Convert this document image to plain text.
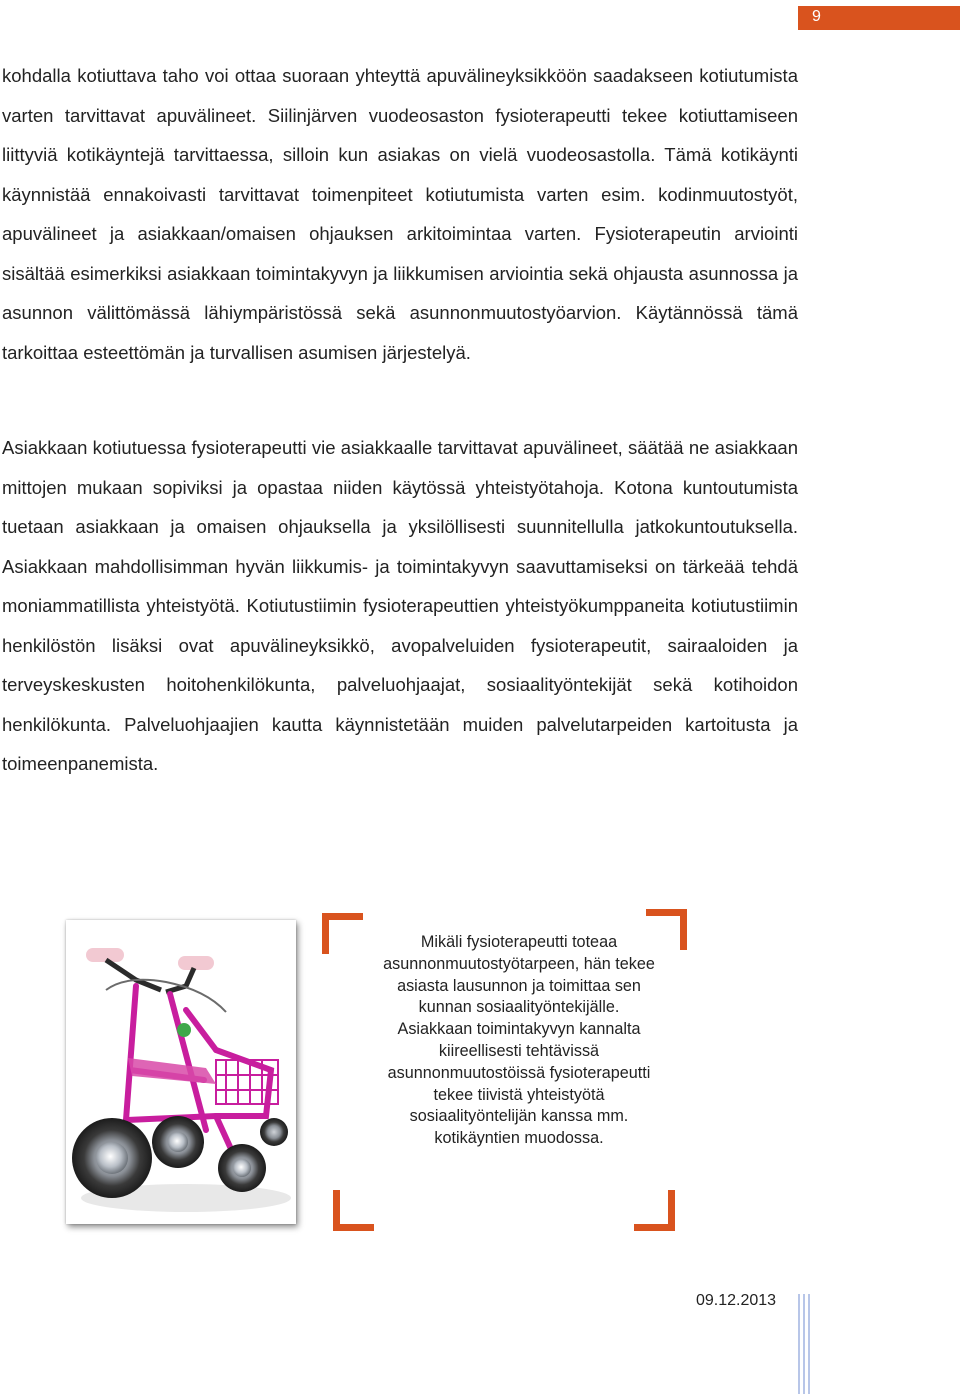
9

kohdalla kotiuttava taho voi ottaa suoraan yhteyttä apuvälineyksikköön saadakseen kotiutumista varten tarvittavat apuvälineet. Siilinjärven vuodeosaston fysioterapeutti tekee kotiuttamiseen liittyviä kotikäyntejä tarvittaessa, silloin kun asiakas on vielä vuodeosastolla. Tämä kotikäynti käynnistää ennakoivasti tarvittavat toimenpiteet kotiutumista varten esim. kodinmuutostyöt, apuvälineet ja asiakkaan/omaisen ohjauksen arkitoimintaa varten. Fysioterapeutin arviointi sisältää esimerkiksi asiakkaan toimintakyvyn ja liikkumisen arviointia sekä ohjausta asunnossa ja asunnon välittömässä lähiympäristössä sekä asunnonmuutostyöarvion. Käytännössä tämä tarkoittaa esteettömän ja turvallisen asumisen järjestelyä.

Asiakkaan kotiutuessa fysioterapeutti vie asiakkaalle tarvittavat apuvälineet, säätää ne asiakkaan mittojen mukaan sopiviksi ja opastaa niiden käytössä yhteistyötahoja. Kotona kuntoutumista tuetaan asiakkaan ja omaisen ohjauksella ja yksilöllisesti suunnitellulla jatkokuntoutuksella. Asiakkaan mahdollisimman hyvän liikkumis- ja toimintakyvyn saavuttamiseksi on tärkeää tehdä moniammatillista yhteistyötä. Kotiutustiimin fysioterapeuttien yhteistyökumppaneita kotiutustiimin henkilöstön lisäksi ovat apuvälineyksikkö, avopalveluiden fysioterapeutit, sairaaloiden ja terveyskeskusten hoitohenkilökunta, palveluohjaajat, sosiaalityöntekijät sekä kotihoidon henkilökunta. Palveluohjaajien kautta käynnistetään muiden palvelutarpeiden kartoitusta ja toimeenpanemista.

Mikäli fysioterapeutti toteaa asunnonmuutostyötarpeen, hän tekee asiasta lausunnon ja toimittaa sen kunnan sosiaalityöntekijälle. Asiakkaan toimintakyvyn kannalta kiireellisesti tehtävissä asunnonmuutostöissä fysioterapeutti tekee tiivistä yhteistyötä sosiaalityöntelijän kanssa mm. kotikäyntien muodossa.

09.12.2013
